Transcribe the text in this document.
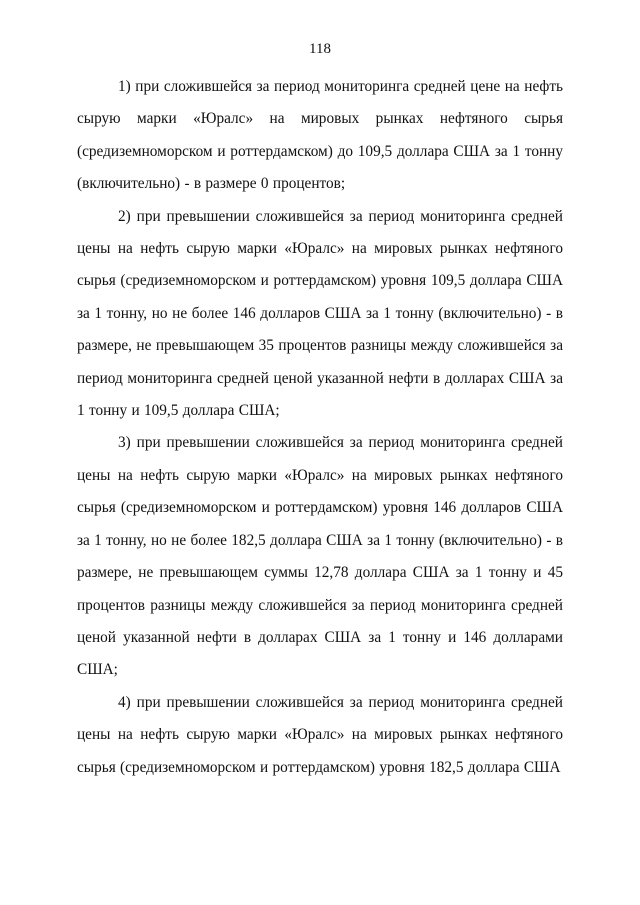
118

1) при сложившейся за период мониторинга средней цене на нефть сырую марки «Юралс» на мировых рынках нефтяного сырья (средиземноморском и роттердамском) до 109,5 доллара США за 1 тонну (включительно) - в размере 0 процентов;

2) при превышении сложившейся за период мониторинга средней цены на нефть сырую марки «Юралс» на мировых рынках нефтяного сырья (средиземноморском и роттердамском) уровня 109,5 доллара США за 1 тонну, но не более 146 долларов США за 1 тонну (включительно) - в размере, не превышающем 35 процентов разницы между сложившейся за период мониторинга средней ценой указанной нефти в долларах США за 1 тонну и 109,5 доллара США;

3) при превышении сложившейся за период мониторинга средней цены на нефть сырую марки «Юралс» на мировых рынках нефтяного сырья (средиземноморском и роттердамском) уровня 146 долларов США за 1 тонну, но не более 182,5 доллара США за 1 тонну (включительно) - в размере, не превышающем суммы 12,78 доллара США за 1 тонну и 45 процентов разницы между сложившейся за период мониторинга средней ценой указанной нефти в долларах США за 1 тонну и 146 долларами США;

4) при превышении сложившейся за период мониторинга средней цены на нефть сырую марки «Юралс» на мировых рынках нефтяного сырья (средиземноморском и роттердамском) уровня 182,5 доллара США
